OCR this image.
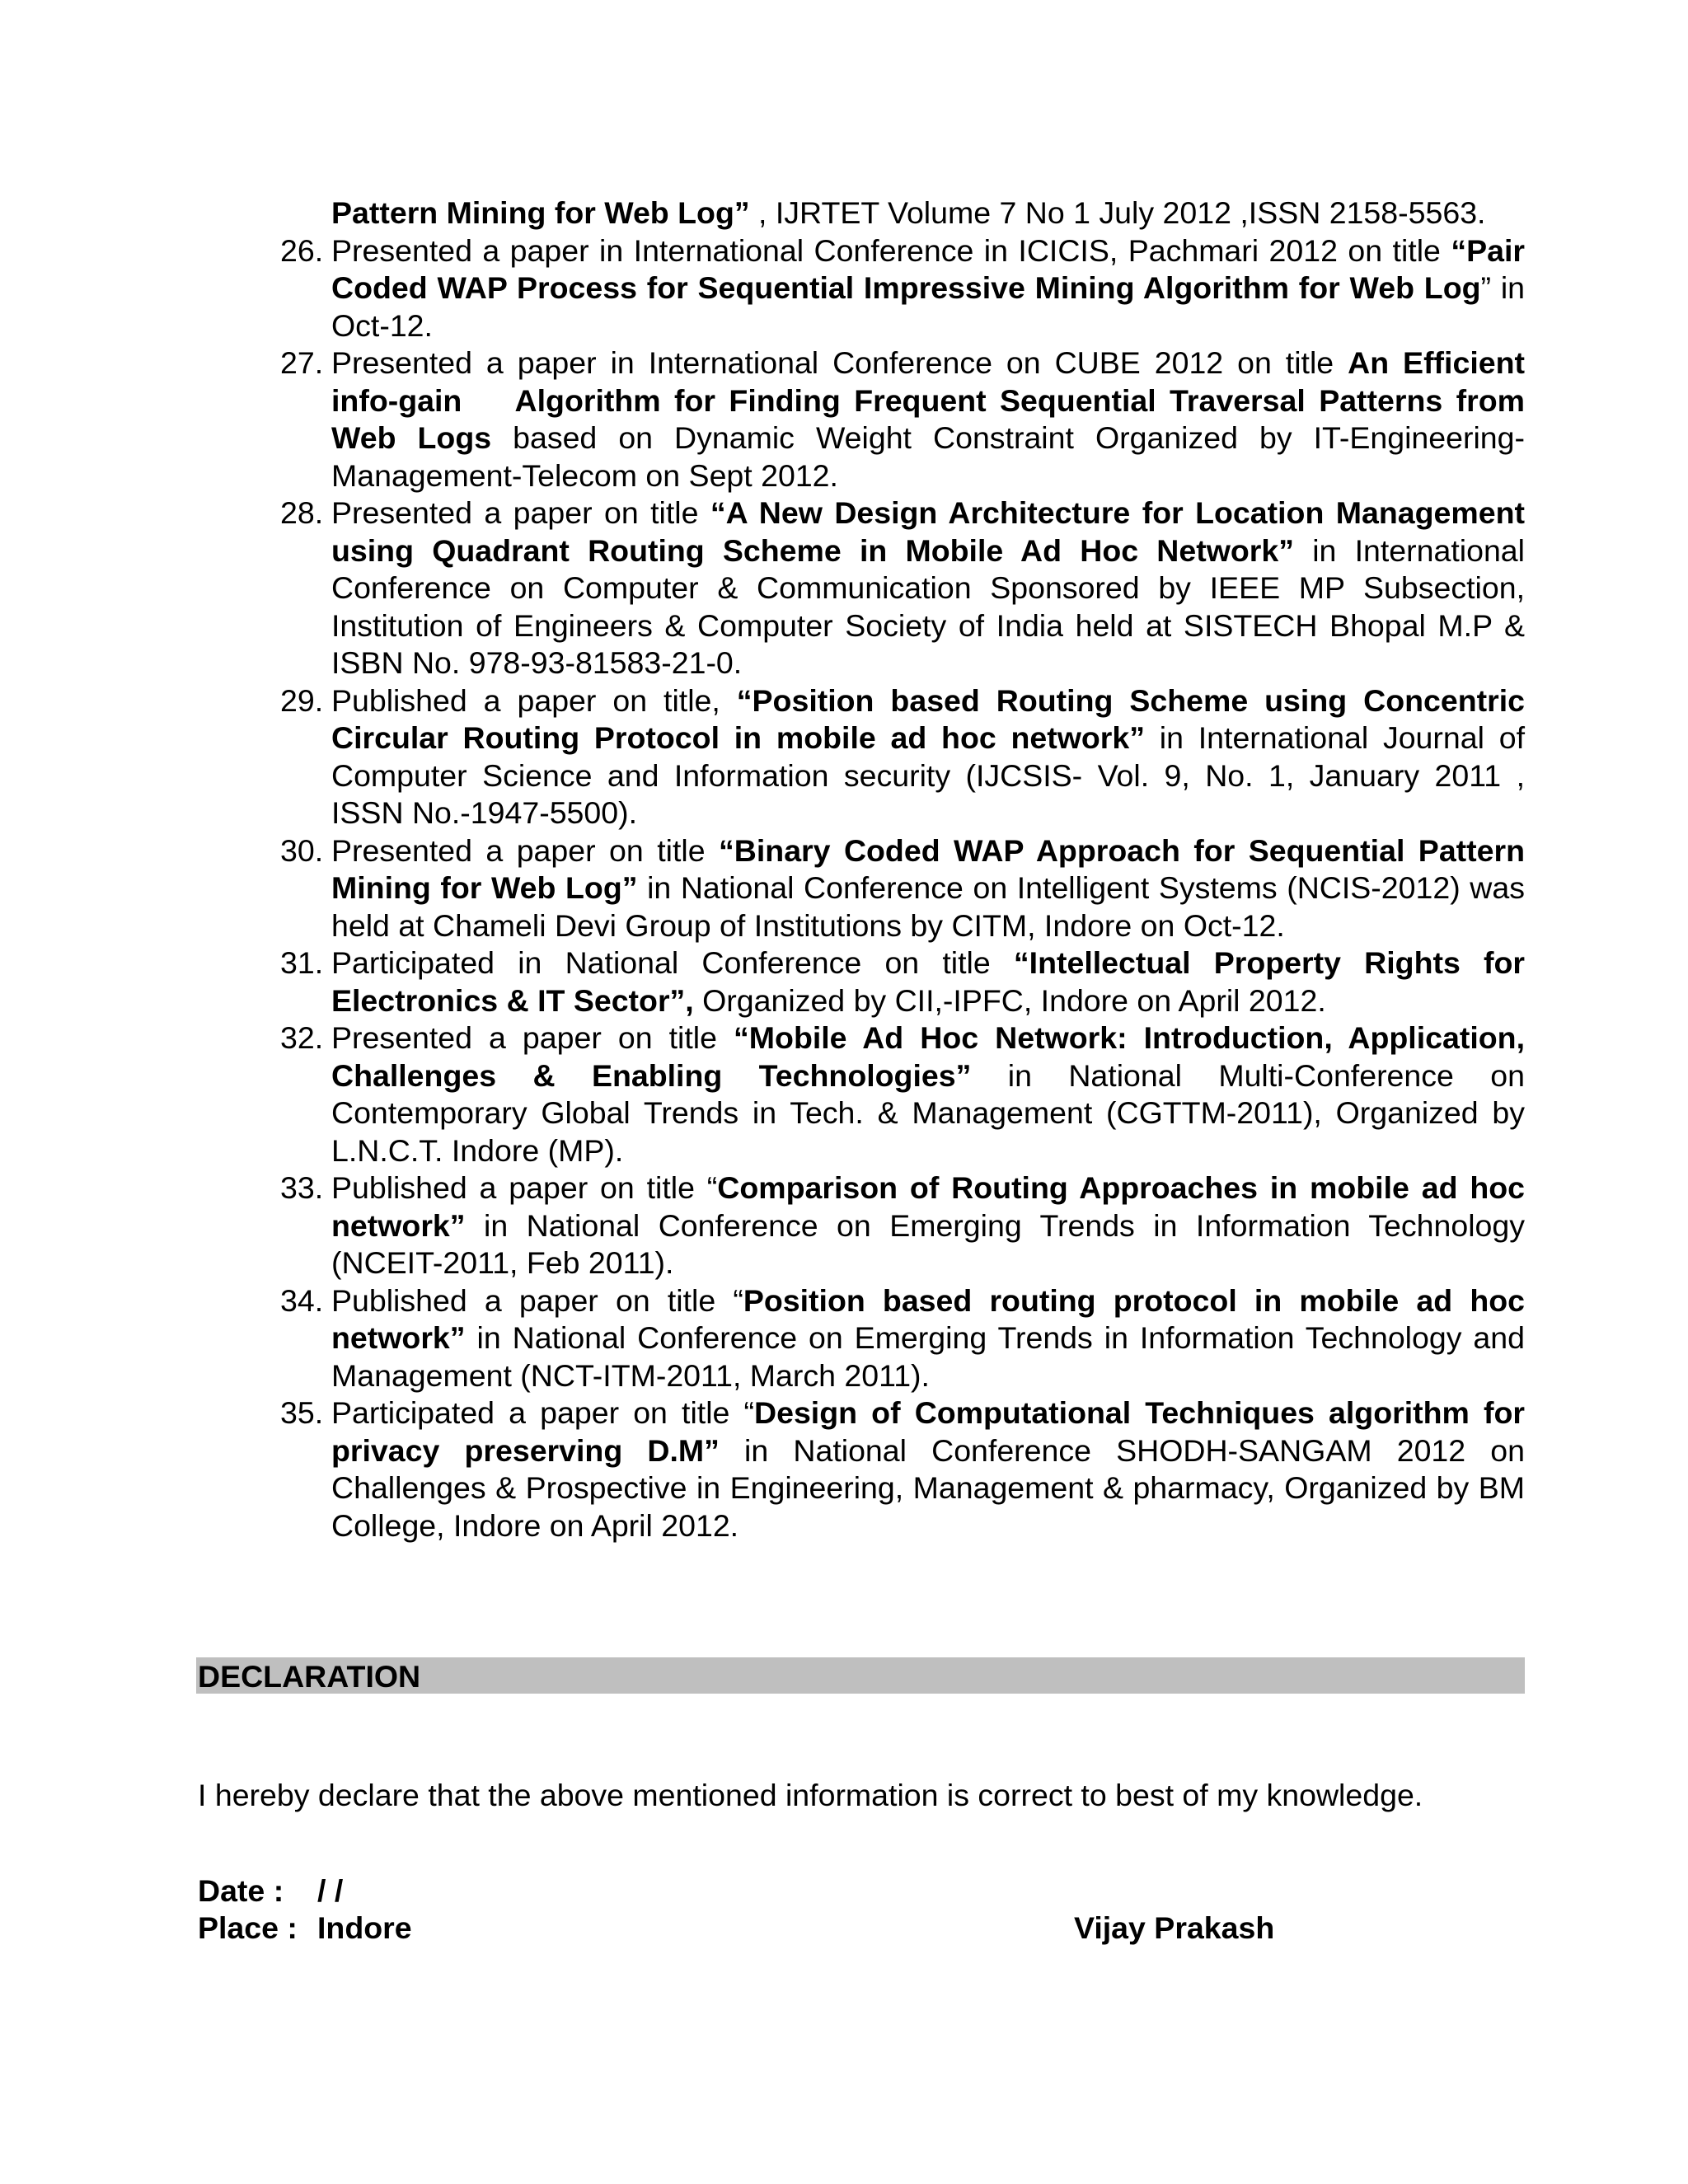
Pattern Mining for Web Log” , IJRTET Volume 7 No 1 July 2012 ,ISSN 2158-5563.
26. Presented a paper in International Conference in ICICIS, Pachmari 2012 on title “Pair Coded WAP Process for Sequential Impressive Mining Algorithm for Web Log” in Oct-12.
27. Presented a paper in International Conference on CUBE 2012 on title An Efficient info-gain    Algorithm for Finding Frequent Sequential Traversal Patterns from Web Logs based on Dynamic Weight Constraint Organized by IT-Engineering-Management-Telecom on Sept 2012.
28. Presented a paper on title “A New Design Architecture for Location Management using Quadrant Routing Scheme in Mobile Ad Hoc Network” in International Conference on Computer & Communication Sponsored by IEEE MP Subsection, Institution of Engineers & Computer Society of India held at SISTECH Bhopal M.P & ISBN No. 978-93-81583-21-0.
29. Published a paper on title, “Position based Routing Scheme using Concentric Circular Routing Protocol in mobile ad hoc network” in International Journal of Computer Science and Information security (IJCSIS- Vol. 9, No. 1, January 2011 , ISSN No.-1947-5500).
30. Presented a paper on title “Binary Coded WAP Approach for Sequential Pattern Mining for Web Log” in National Conference on Intelligent Systems (NCIS-2012) was held at Chameli Devi Group of Institutions by CITM, Indore on Oct-12.
31. Participated in National Conference on title “Intellectual Property Rights for Electronics & IT Sector”, Organized by CII,-IPFC, Indore on April 2012.
32. Presented a paper on title “Mobile Ad Hoc Network: Introduction, Application, Challenges & Enabling Technologies” in National Multi-Conference on Contemporary Global Trends in Tech. & Management (CGTTM-2011), Organized by L.N.C.T. Indore (MP).
33. Published a paper on title “Comparison of Routing Approaches in mobile ad hoc network” in National Conference on Emerging Trends in Information Technology (NCEIT-2011, Feb 2011).
34. Published a paper on title “Position based routing protocol in mobile ad hoc network” in National Conference on Emerging Trends in Information Technology and Management (NCT-ITM-2011, March 2011).
35. Participated a paper on title “Design of Computational Techniques algorithm for privacy preserving D.M” in National Conference SHODH-SANGAM 2012 on Challenges & Prospective in Engineering, Management & pharmacy, Organized by BM College, Indore on April 2012.
DECLARATION
I hereby declare that the above mentioned information is correct to best of my knowledge.
Date : / /
Place : Indore	Vijay Prakash
